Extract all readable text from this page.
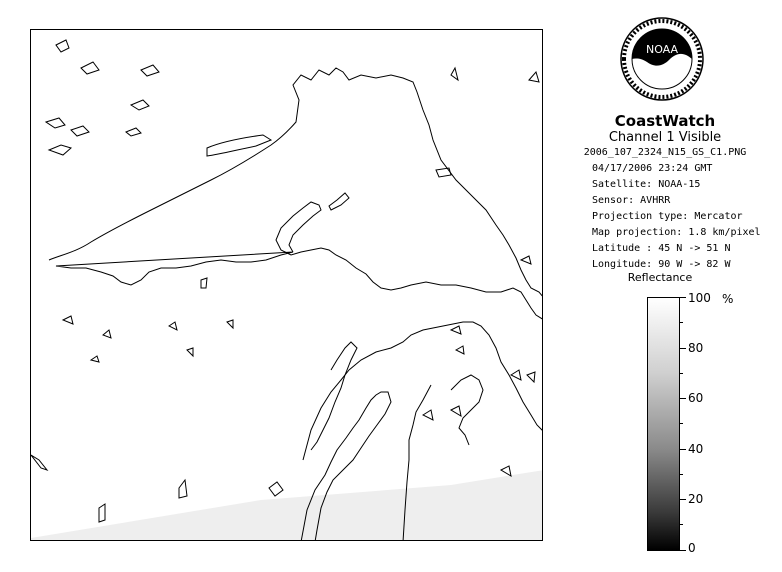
NOAA
CoastWatch
Channel 1 Visible
2006_107_2324_N15_GS_C1.PNG
04/17/2006 23:24 GMT
Satellite: NOAA-15
Sensor: AVHRR
Projection type: Mercator
Map projection: 1.8 km/pixel
Latitude : 45 N -> 51 N
Longitude: 90 W -> 82 W
Reflectance
%
100
80
60
40
20
0
